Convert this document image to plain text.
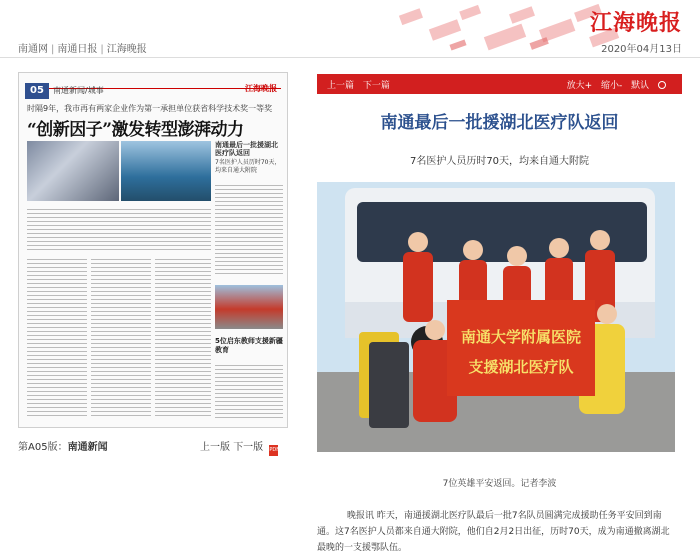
南通网 | 南通日报 | 江海晚报
江海晚报
2020年04月13日
05	南通新闻/城事	江海晚报
时隔9年，我市再有两家企业作为第一承担单位获省科学技术奖一等奖
“创新因子”激发转型澎湃动力
南通最后一批援湖北医疗队返回
7名医护人员历时70天，均来自通大附院
5位启东教师支援新疆教育
第A05版：南通新闻	上一版 下一版 PDF
上一篇 下一篇	放大+ 缩小- 默认
南通最后一批援湖北医疗队返回
7名医护人员历时70天，均来自通大附院
南通大学附属医院
支援湖北医疗队
7位英雄平安返回。记者李波
晚报讯 昨天，南通援湖北医疗队最后一批7名队员圆满完成援助任务平安回到南通。这7名医护人员都来自通大附院，他们自2月2日出征，历时70天，成为南通撤离湖北最晚的一支援鄂队伍。
